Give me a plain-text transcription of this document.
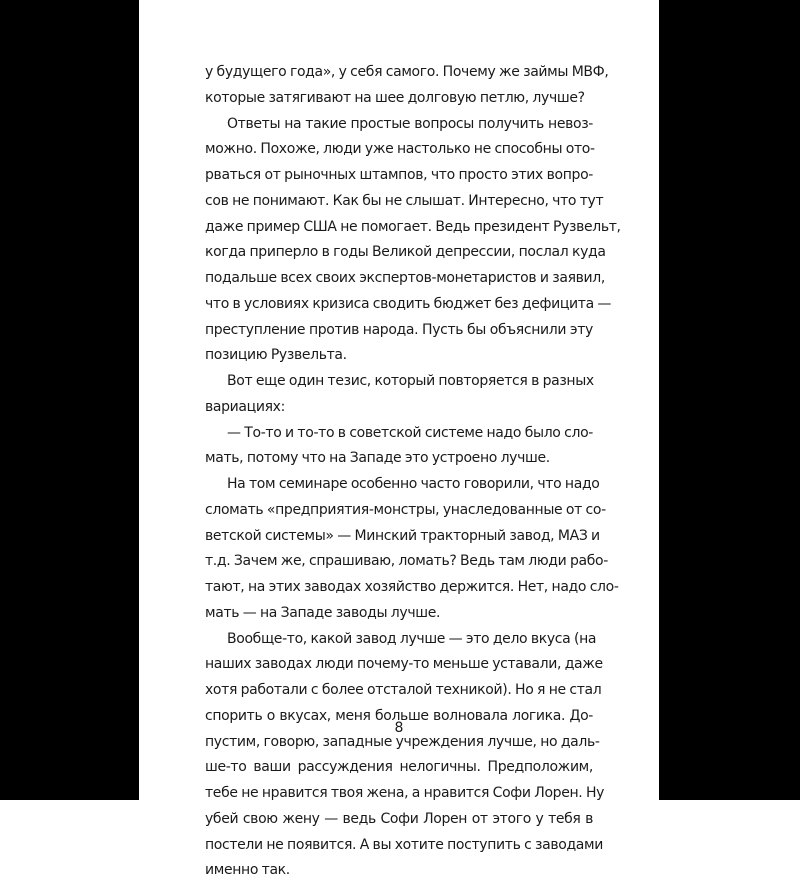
у будущего года», у себя самого. Почему же займы МВФ,
которые затягивают на шее долговую петлю, лучше?
Ответы на такие простые вопросы получить невоз-
можно. Похоже, люди уже настолько не способны ото-
рваться от рыночных штампов, что просто этих вопро-
сов не понимают. Как бы не слышат. Интересно, что тут
даже пример США не помогает. Ведь президент Рузвельт,
когда приперло в годы Великой депрессии, послал куда
подальше всех своих экспертов-монетаристов и заявил,
что в условиях кризиса сводить бюджет без дефицита —
преступление против народа. Пусть бы объяснили эту
позицию Рузвельта.
Вот еще один тезис, который повторяется в разных
вариациях:
— То-то и то-то в советской системе надо было сло-
мать, потому что на Западе это устроено лучше.
На том семинаре особенно часто говорили, что надо
сломать «предприятия-монстры, унаследованные от со-
ветской системы» — Минский тракторный завод, МАЗ и
т.д. Зачем же, спрашиваю, ломать? Ведь там люди рабо-
тают, на этих заводах хозяйство держится. Нет, надо сло-
мать — на Западе заводы лучше.
Вообще-то, какой завод лучше — это дело вкуса (на
наших заводах люди почему-то меньше уставали, даже
хотя работали с более отсталой техникой). Но я не стал
спорить о вкусах, меня больше волновала логика. До-
пустим, говорю, западные учреждения лучше, но даль-
ше-то ваши рассуждения нелогичны. Предположим,
тебе не нравится твоя жена, а нравится Софи Лорен. Ну
убей свою жену — ведь Софи Лорен от этого у тебя в
постели не появится. А вы хотите поступить с заводами
именно так.
8
